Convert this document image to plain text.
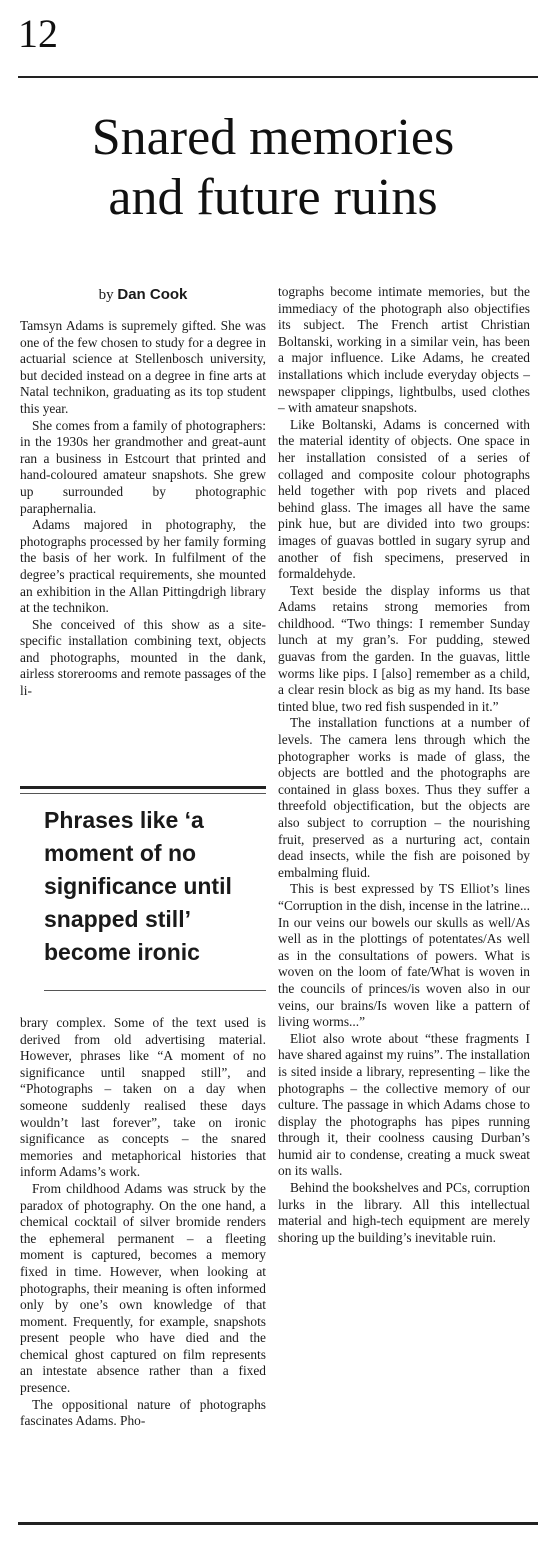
12
Snared memories
and future ruins
by Dan Cook

Tamsyn Adams is supremely gifted. She was one of the few chosen to study for a degree in actuarial science at Stellenbosch university, but decided instead on a degree in fine arts at Natal technikon, graduating as its top student this year.

She comes from a family of photographers: in the 1930s her grandmother and great-aunt ran a business in Estcourt that printed and hand-coloured amateur snapshots. She grew up surrounded by photographic paraphernalia.

Adams majored in photography, the photographs processed by her family forming the basis of her work. In fulfilment of the degree’s practical requirements, she mounted an exhibition in the Allan Pittingdrigh library at the technikon.

She conceived of this show as a site-specific installation combining text, objects and photographs, mounted in the dank, airless storerooms and remote passages of the li-

Phrases like ‘a moment of no significance until snapped still’ become ironic

brary complex. Some of the text used is derived from old advertising material. However, phrases like “A moment of no significance until snapped still”, and “Photographs – taken on a day when someone suddenly realised these days wouldn’t last forever”, take on ironic significance as concepts – the snared memories and metaphorical histories that inform Adams’s work.

From childhood Adams was struck by the paradox of photography. On the one hand, a chemical cocktail of silver bromide renders the ephemeral permanent – a fleeting moment is captured, becomes a memory fixed in time. However, when looking at photographs, their meaning is often informed only by one’s own knowledge of that moment. Frequently, for example, snapshots present people who have died and the chemical ghost captured on film represents an intestate absence rather than a fixed presence.

The oppositional nature of photographs fascinates Adams. Pho-

tographs become intimate memories, but the immediacy of the photograph also objectifies its subject. The French artist Christian Boltanski, working in a similar vein, has been a major influence. Like Adams, he created installations which include everyday objects – newspaper clippings, lightbulbs, used clothes – with amateur snapshots.

Like Boltanski, Adams is concerned with the material identity of objects. One space in her installation consisted of a series of collaged and composite colour photographs held together with pop rivets and placed behind glass. The images all have the same pink hue, but are divided into two groups: images of guavas bottled in sugary syrup and another of fish specimens, preserved in formaldehyde.

Text beside the display informs us that Adams retains strong memories from childhood. “Two things: I remember Sunday lunch at my gran’s. For pudding, stewed guavas from the garden. In the guavas, little worms like pips. I [also] remember as a child, a clear resin block as big as my hand. Its base tinted blue, two red fish suspended in it.”

The installation functions at a number of levels. The camera lens through which the photographer works is made of glass, the objects are bottled and the photographs are contained in glass boxes. Thus they suffer a threefold objectification, but the objects are also subject to corruption – the nourishing fruit, preserved as a nurturing act, contain dead insects, while the fish are poisoned by embalming fluid.

This is best expressed by TS Elliot’s lines “Corruption in the dish, incense in the latrine... In our veins our bowels our skulls as well/As well as in the plottings of potentates/As well as in the consultations of powers. What is woven on the loom of fate/What is woven in the councils of princes/is woven also in our veins, our brains/Is woven like a pattern of living worms...”

Eliot also wrote about “these fragments I have shared against my ruins”. The installation is sited inside a library, representing – like the photographs – the collective memory of our culture. The passage in which Adams chose to display the photographs has pipes running through it, their coolness causing Durban’s humid air to condense, creating a muck sweat on its walls.

Behind the bookshelves and PCs, corruption lurks in the library. All this intellectual material and high-tech equipment are merely shoring up the building’s inevitable ruin.
